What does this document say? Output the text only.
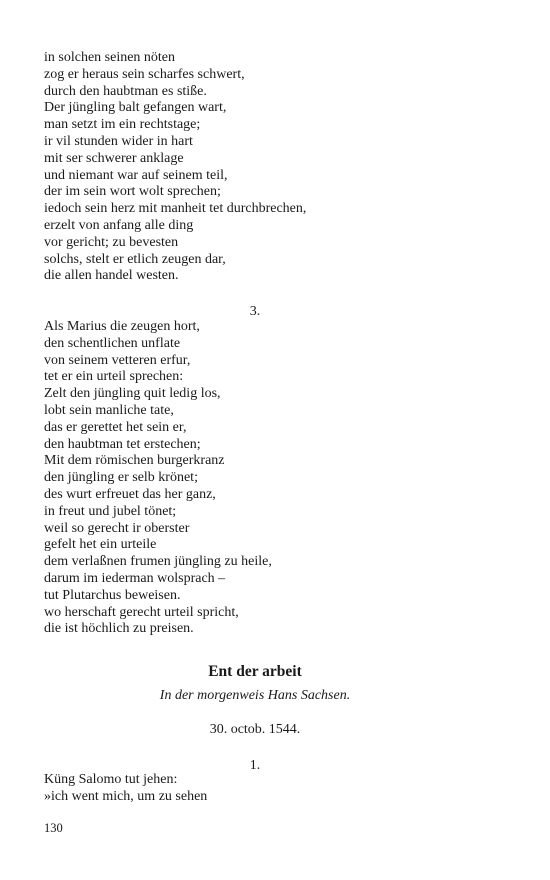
in solchen seinen nöten
zog er heraus sein scharfes schwert,
durch den haubtman es stiße.
Der jüngling balt gefangen wart,
man setzt im ein rechtstage;
ir vil stunden wider in hart
mit ser schwerer anklage
und niemant war auf seinem teil,
der im sein wort wolt sprechen;
iedoch sein herz mit manheit tet durchbrechen,
erzelt von anfang alle ding
vor gericht; zu bevesten
solchs, stelt er etlich zeugen dar,
die allen handel westen.
3.
Als Marius die zeugen hort,
den schentlichen unflate
von seinem vetteren erfur,
tet er ein urteil sprechen:
Zelt den jüngling quit ledig los,
lobt sein manliche tate,
das er gerettet het sein er,
den haubtman tet erstechen;
Mit dem römischen burgerkranz
den jüngling er selb krönet;
des wurt erfreuet das her ganz,
in freut und jubel tönet;
weil so gerecht ir oberster
gefelt het ein urteile
dem verlaßnen frumen jüngling zu heile,
darum im iederman wolsprach –
tut Plutarchus beweisen.
wo herschaft gerecht urteil spricht,
die ist höchlich zu preisen.
Ent der arbeit
In der morgenweis Hans Sachsen.
30. octob. 1544.
1.
Küng Salomo tut jehen:
»ich went mich, um zu sehen
130
